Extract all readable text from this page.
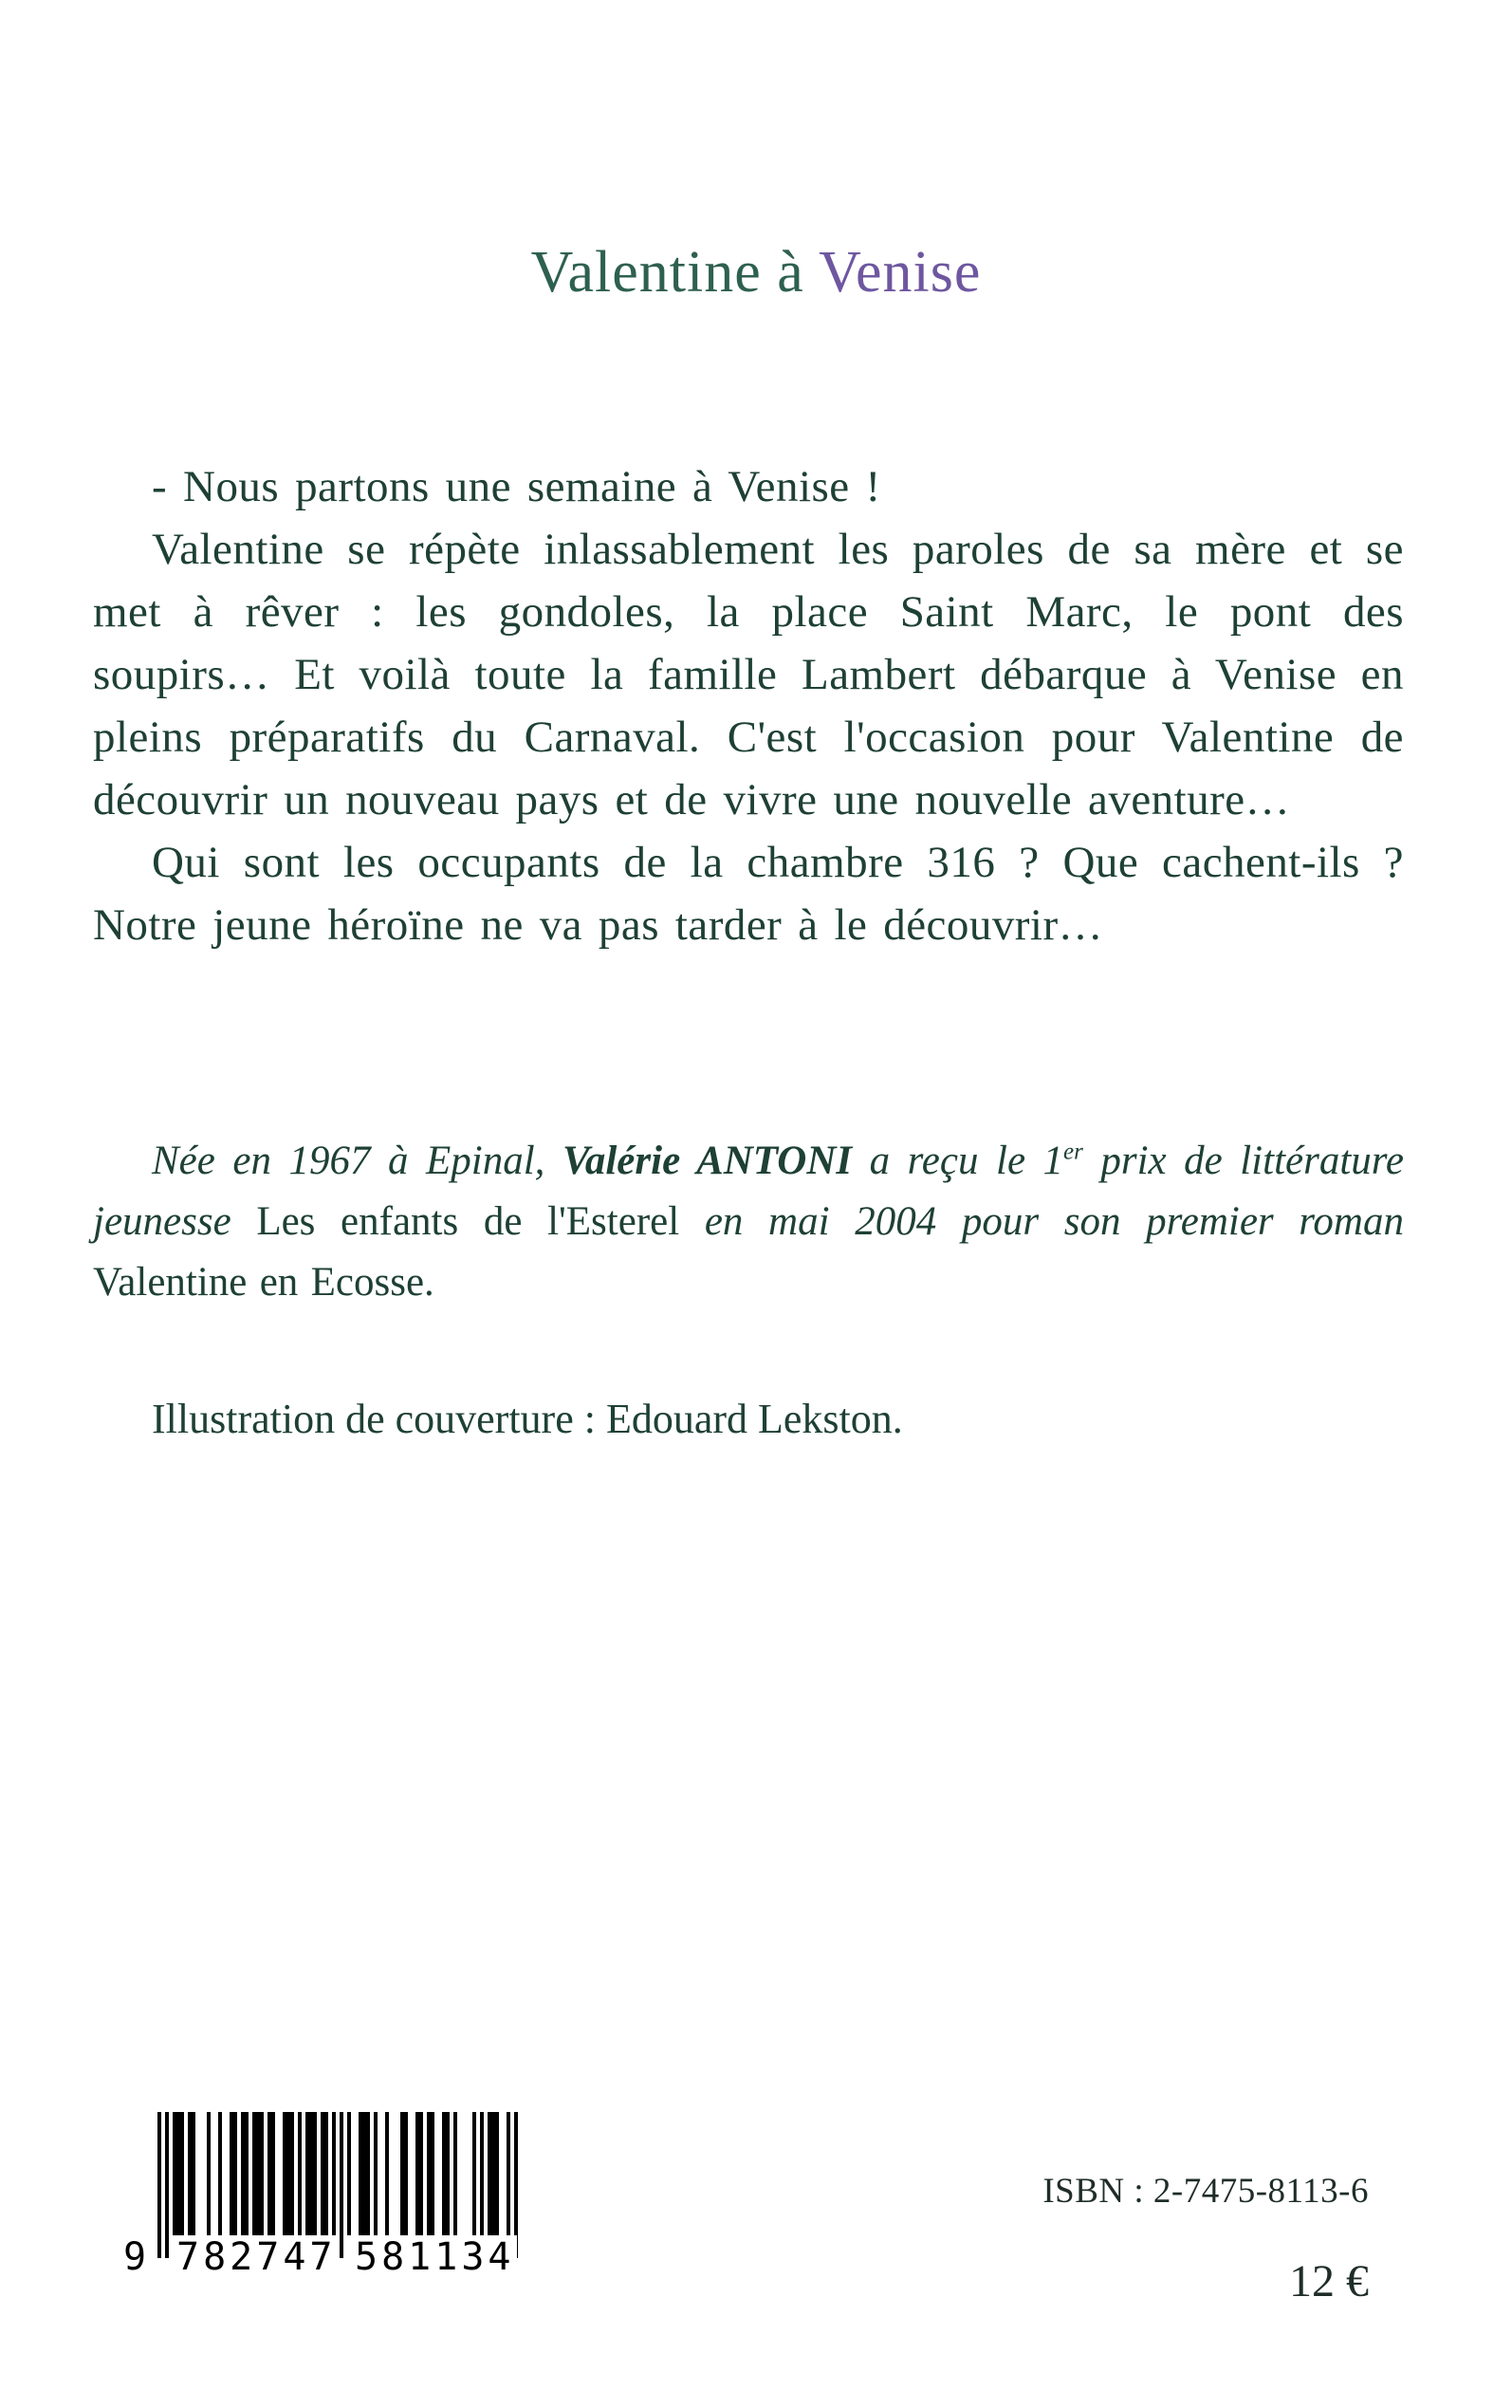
Valentine à Venise

- Nous partons une semaine à Venise !

Valentine se répète inlassablement les paroles de sa mère et se met à rêver : les gondoles, la place Saint Marc, le pont des soupirs… Et voilà toute la famille Lambert débarque à Venise en pleins préparatifs du Carnaval. C'est l'occasion pour Valentine de découvrir un nouveau pays et de vivre une nouvelle aventure…

Qui sont les occupants de la chambre 316 ? Que cachent-ils ? Notre jeune héroïne ne va pas tarder à le découvrir…

Née en 1967 à Epinal, Valérie ANTONI a reçu le 1er prix de littérature jeunesse Les enfants de l'Esterel en mai 2004 pour son premier roman Valentine en Ecosse.
Illustration de couverture : Edouard Lekston.
9 782747 581134
ISBN : 2-7475-8113-6
12 €
